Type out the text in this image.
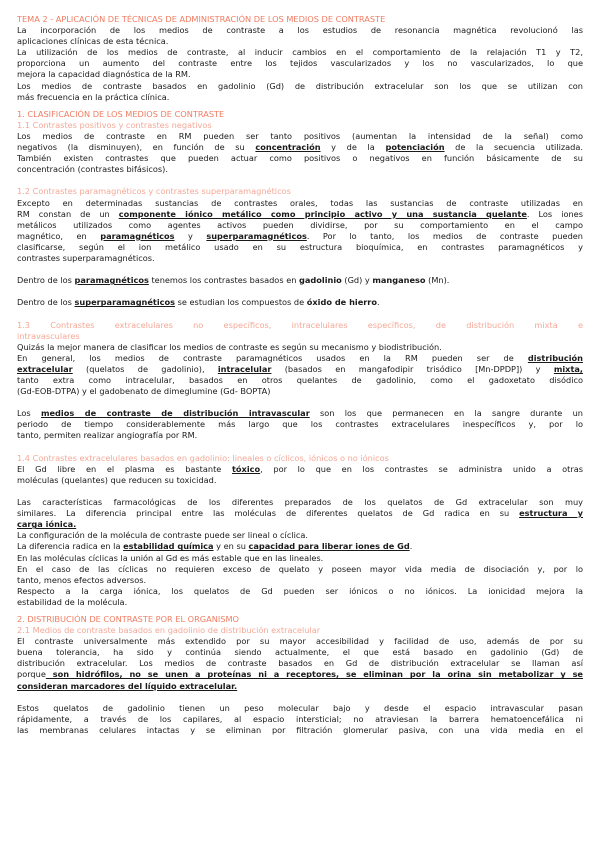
TEMA 2 - APLICACIÓN DE TÉCNICAS DE ADMINISTRACIÓN DE LOS MEDIOS DE CONTRASTE
La incorporación de los medios de contraste a los estudios de resonancia magnética revolucionó las
aplicaciones clínicas de esta técnica.
La utilización de los medios de contraste, al inducir cambios en el comportamiento de la relajación T1 y T2,
proporciona un aumento del contraste entre los tejidos vascularizados y los no vascularizados, lo que
mejora la capacidad diagnóstica de la RM.
Los medios de contraste basados en gadolinio (Gd) de distribución extracelular son los que se utilizan con
más frecuencia en la práctica clínica.
1. CLASIFICACIÓN DE LOS MEDIOS DE CONTRASTE
1.1 Contrastes positivos y contrastes negativos
Los medios de contraste en RM pueden ser tanto positivos (aumentan la intensidad de la señal) como
negativos (la disminuyen), en función de su concentración y de la potenciación de la secuencia utilizada.
También existen contrastes que pueden actuar como positivos o negativos en función básicamente de su
concentración (contrastes bifásicos).
1.2 Contrastes paramagnéticos y contrastes superparamagnéticos
Excepto en determinadas sustancias de contrastes orales, todas las sustancias de contraste utilizadas en
RM constan de un componente iónico metálico como principio activo y una sustancia quelante. Los iones
metálicos utilizados como agentes activos pueden dividirse, por su comportamiento en el campo
magnético, en paramagnéticos y superparamagnéticos. Por lo tanto, los medios de contraste pueden
clasificarse, según el ion metálico usado en su estructura bioquímica, en contrastes paramagnéticos y
contrastes superparamagnéticos.
Dentro de los paramagnéticos tenemos los contrastes basados en gadolinio (Gd) y manganeso (Mn).
Dentro de los superparamagnéticos se estudian los compuestos de óxido de hierro.
1.3 Contrastes extracelulares no específicos, intracelulares específicos, de distribución mixta e
intravasculares
Quizás la mejor manera de clasificar los medios de contraste es según su mecanismo y biodistribución.
En general, los medios de contraste paramagnéticos usados en la RM pueden ser de distribución
extracelular (quelatos de gadolinio), intracelular (basados en mangafodipir trisódico [Mn-DPDP]) y mixta,
tanto extra como intracelular, basados en otros quelantes de gadolinio, como el gadoxetato disódico
(Gd-EOB-DTPA) y el gadobenato de dimeglumine (Gd- BOPTA)
Los medios de contraste de distribución intravascular son los que permanecen en la sangre durante un
periodo de tiempo considerablemente más largo que los contrastes extracelulares inespecíficos y, por lo
tanto, permiten realizar angiografía por RM.
1.4 Contrastes extracelulares basados en gadolinio: lineales o cíclicos, iónicos o no iónicos
El Gd libre en el plasma es bastante tóxico, por lo que en los contrastes se administra unido a otras
moléculas (quelantes) que reducen su toxicidad.
Las características farmacológicas de los diferentes preparados de los quelatos de Gd extracelular son muy
similares. La diferencia principal entre las moléculas de diferentes quelatos de Gd radica en su estructura y
carga iónica.
La configuración de la molécula de contraste puede ser lineal o cíclica.
La diferencia radica en la estabilidad química y en su capacidad para liberar iones de Gd.
En las moléculas cíclicas la unión al Gd es más estable que en las lineales.
En el caso de las cíclicas no requieren exceso de quelato y poseen mayor vida media de disociación y, por lo
tanto, menos efectos adversos.
Respecto a la carga iónica, los quelatos de Gd pueden ser iónicos o no iónicos. La ionicidad mejora la
estabilidad de la molécula.
2. DISTRIBUCIÓN DE CONTRASTE POR EL ORGANISMO
2.1 Medios de contraste basados en gadolinio de distribución extracelular
El contraste universalmente más extendido por su mayor accesibilidad y facilidad de uso, además de por su
buena tolerancia, ha sido y continúa siendo actualmente, el que está basado en gadolinio (Gd) de
distribución extracelular. Los medios de contraste basados en Gd de distribución extracelular se llaman así
porque son hidrófilos, no se unen a proteínas ni a receptores, se eliminan por la orina sin metabolizar y se
consideran marcadores del líquido extracelular.
Estos quelatos de gadolinio tienen un peso molecular bajo y desde el espacio intravascular pasan
rápidamente, a través de los capilares, al espacio intersticial; no atraviesan la barrera hematoencefálica ni
las membranas celulares intactas y se eliminan por filtración glomerular pasiva, con una vida media en el
